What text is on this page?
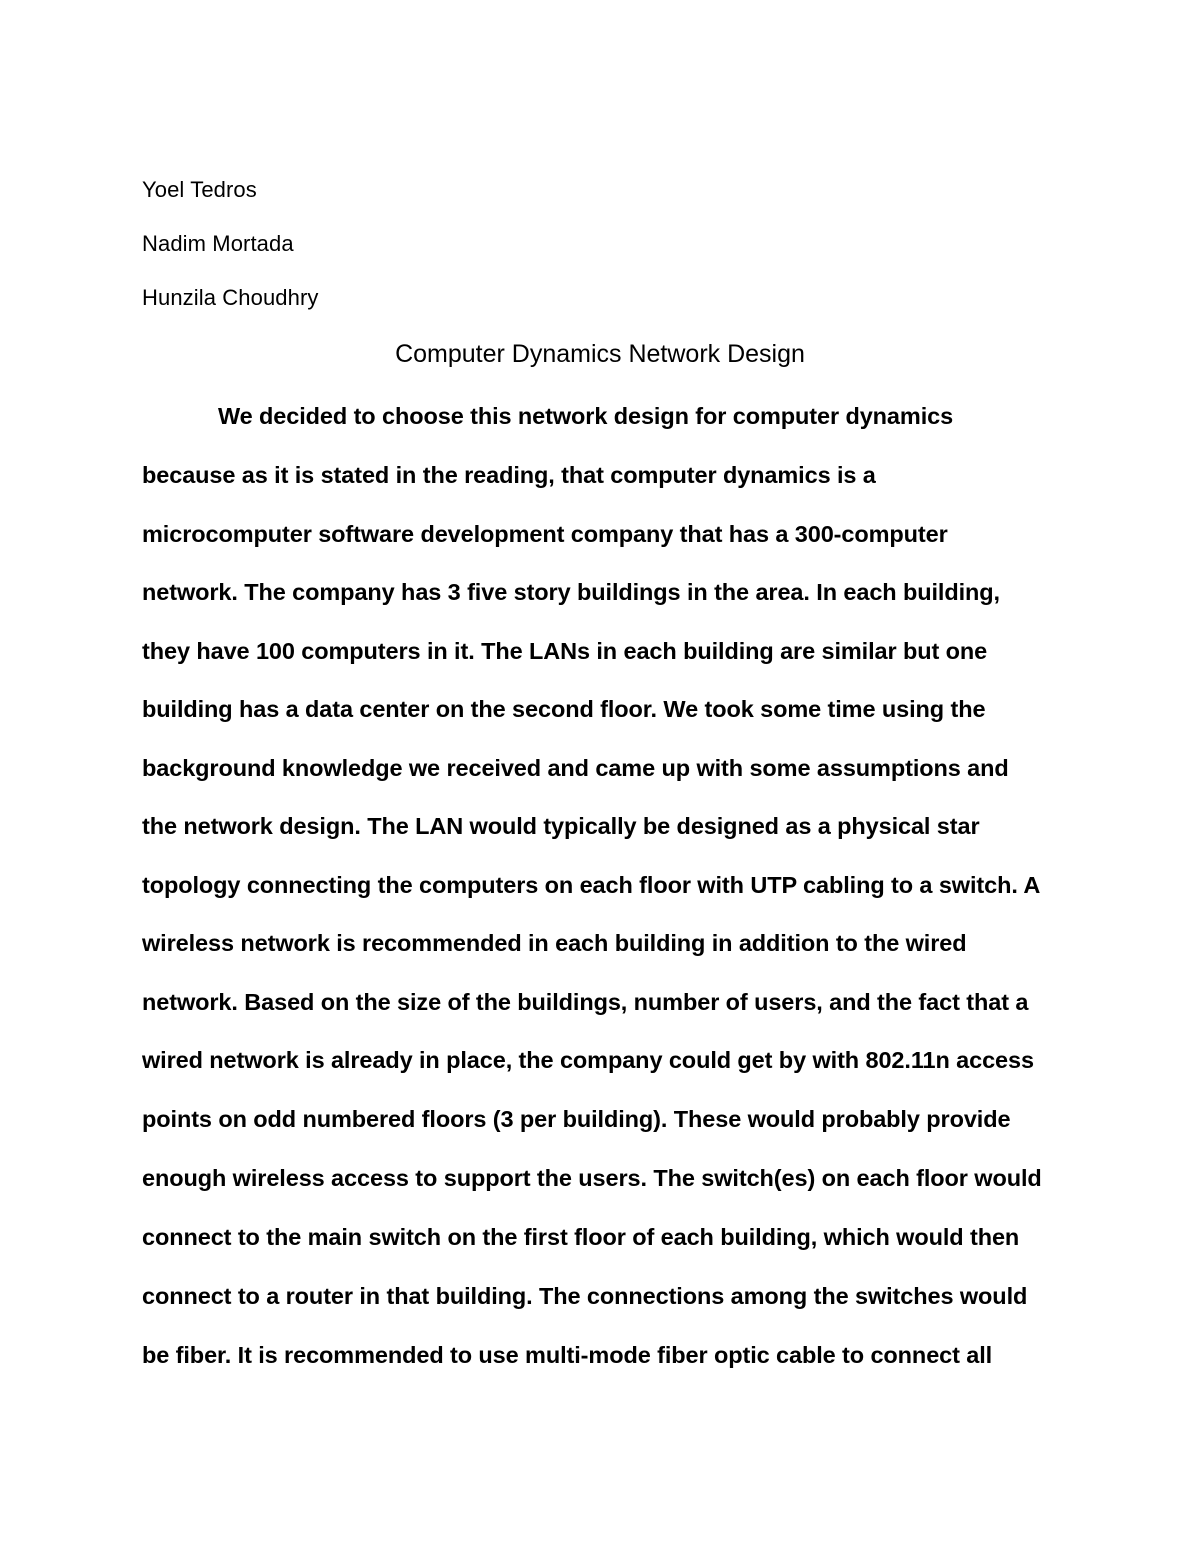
Yoel Tedros
Nadim Mortada
Hunzila Choudhry
Computer Dynamics Network Design
We decided to choose this network design for computer dynamics
because as it is stated in the reading, that computer dynamics is a
microcomputer software development company that has a 300-computer
network. The company has 3 five story buildings in the area. In each building,
they have 100 computers in it. The LANs in each building are similar but one
building has a data center on the second floor. We took some time using the
background knowledge we received and came up with some assumptions and
the network design. The LAN would typically be designed as a physical star
topology connecting the computers on each floor with UTP cabling to a switch. A
wireless network is recommended in each building in addition to the wired
network. Based on the size of the buildings, number of users, and the fact that a
wired network is already in place, the company could get by with 802.11n access
points on odd numbered floors (3 per building). These would probably provide
enough wireless access to support the users. The switch(es) on each floor would
connect to the main switch on the first floor of each building, which would then
connect to a router in that building. The connections among the switches would
be fiber. It is recommended to use multi-mode fiber optic cable to connect all
